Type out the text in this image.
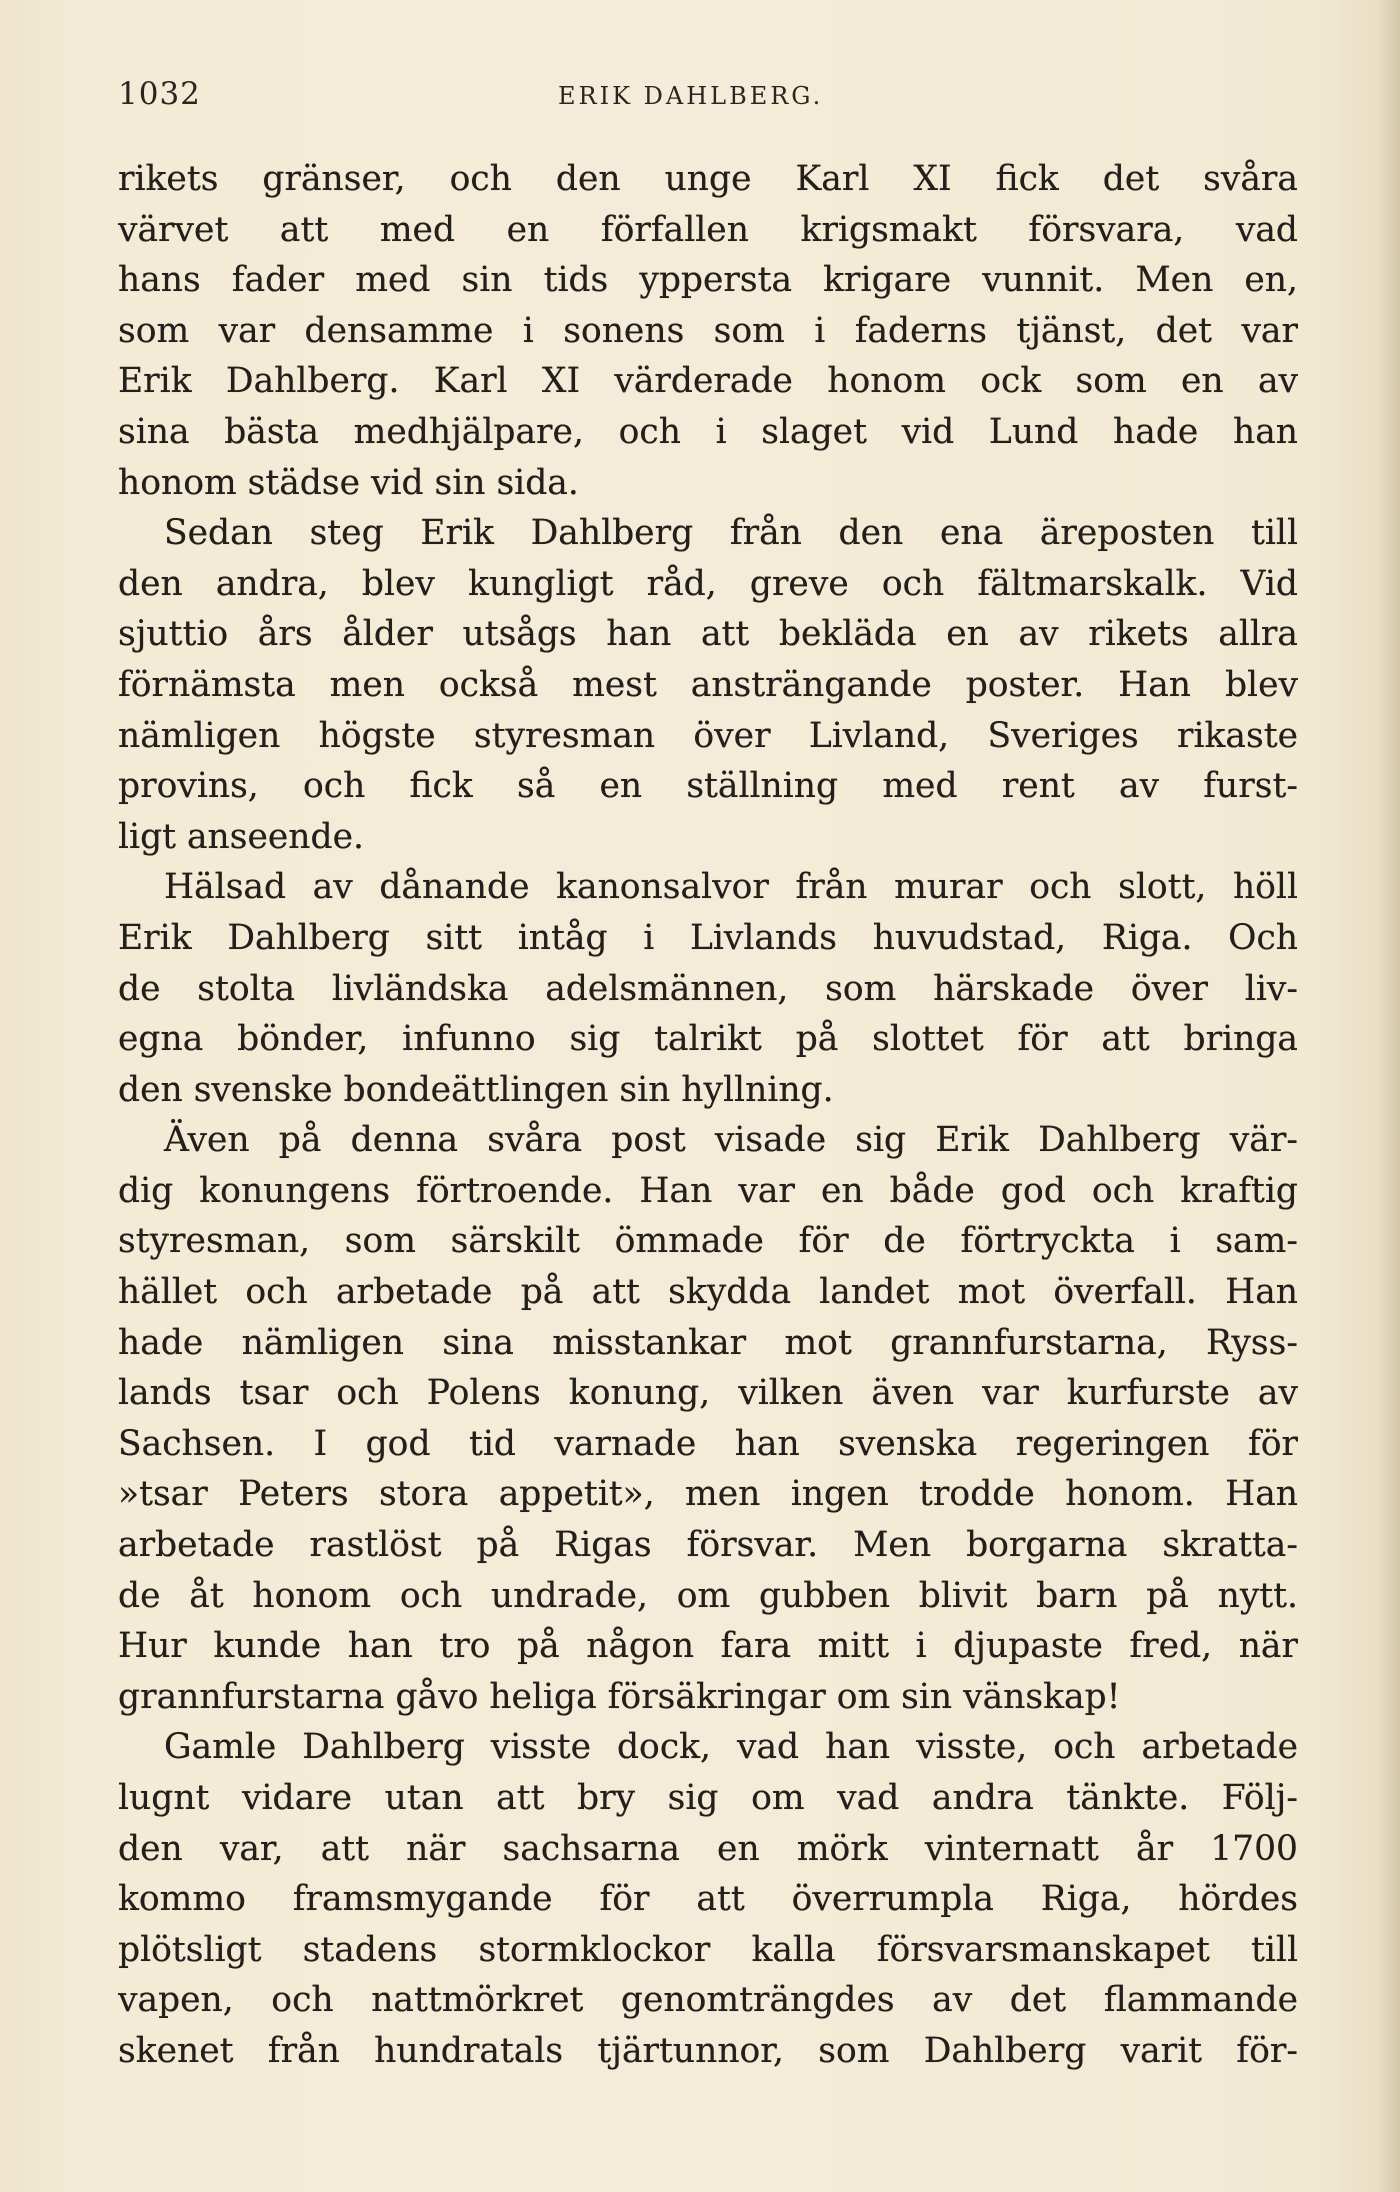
1032	ERIK DAHLBERG.
rikets gränser, och den unge Karl XI fick det svåra
värvet att med en förfallen krigsmakt försvara, vad
hans fader med sin tids yppersta krigare vunnit. Men en,
som var densamme i sonens som i faderns tjänst, det var
Erik Dahlberg. Karl XI värderade honom ock som en av
sina bästa medhjälpare, och i slaget vid Lund hade han
honom städse vid sin sida.
Sedan steg Erik Dahlberg från den ena äreposten till
den andra, blev kungligt råd, greve och fältmarskalk. Vid
sjuttio års ålder utsågs han att bekläda en av rikets allra
förnämsta men också mest ansträngande poster. Han blev
nämligen högste styresman över Livland, Sveriges rikaste
provins, och fick så en ställning med rent av furst-
ligt anseende.
Hälsad av dånande kanonsalvor från murar och slott, höll
Erik Dahlberg sitt intåg i Livlands huvudstad, Riga. Och
de stolta livländska adelsmännen, som härskade över liv-
egna bönder, infunno sig talrikt på slottet för att bringa
den svenske bondeättlingen sin hyllning.
Även på denna svåra post visade sig Erik Dahlberg vär-
dig konungens förtroende. Han var en både god och kraftig
styresman, som särskilt ömmade för de förtryckta i sam-
hället och arbetade på att skydda landet mot överfall. Han
hade nämligen sina misstankar mot grannfurstarna, Ryss-
lands tsar och Polens konung, vilken även var kurfurste av
Sachsen. I god tid varnade han svenska regeringen för
»tsar Peters stora appetit», men ingen trodde honom. Han
arbetade rastlöst på Rigas försvar. Men borgarna skratta-
de åt honom och undrade, om gubben blivit barn på nytt.
Hur kunde han tro på någon fara mitt i djupaste fred, när
grannfurstarna gåvo heliga försäkringar om sin vänskap!
Gamle Dahlberg visste dock, vad han visste, och arbetade
lugnt vidare utan att bry sig om vad andra tänkte. Följ-
den var, att när sachsarna en mörk vinternatt år 1700
kommo framsmygande för att överrumpla Riga, hördes
plötsligt stadens stormklockor kalla försvarsmanskapet till
vapen, och nattmörkret genomträngdes av det flammande
skenet från hundratals tjärtunnor, som Dahlberg varit för-
